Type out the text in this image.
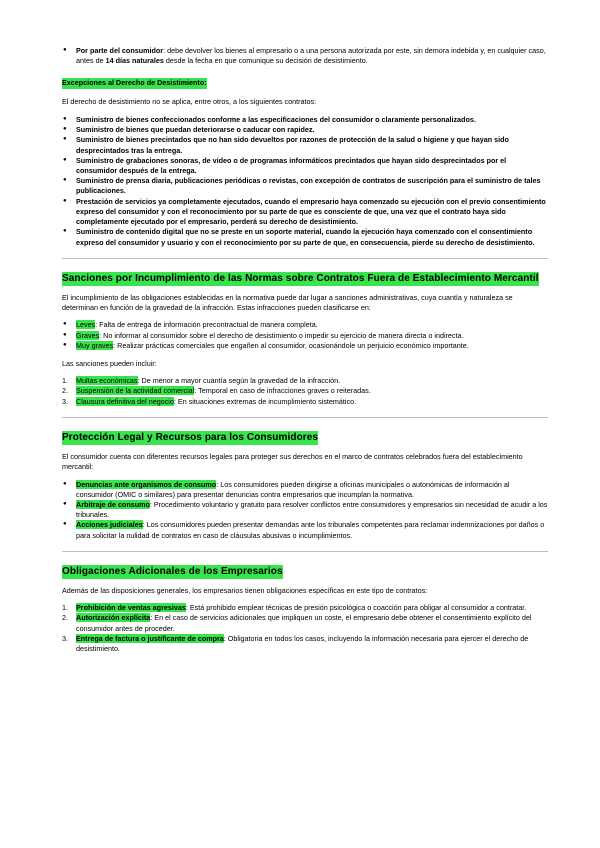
● Por parte del consumidor: debe devolver los bienes al empresario o a una persona autorizada por este, sin demora indebida y, en cualquier caso, antes de 14 días naturales desde la fecha en que comunique su decisión de desistimiento.
Excepciones al Derecho de Desistimiento:

El derecho de desistimiento no se aplica, entre otros, a los siguientes contratos:

● Suministro de bienes confeccionados conforme a las especificaciones del consumidor o claramente personalizados.
● Suministro de bienes que puedan deteriorarse o caducar con rapidez.
● Suministro de bienes precintados que no han sido devueltos por razones de protección de la salud o higiene y que hayan sido desprecintados tras la entrega.
● Suministro de grabaciones sonoras, de vídeo o de programas informáticos precintados que hayan sido desprecintados por el consumidor después de la entrega.
● Suministro de prensa diaria, publicaciones periódicas o revistas, con excepción de contratos de suscripción para el suministro de tales publicaciones.
● Prestación de servicios ya completamente ejecutados, cuando el empresario haya comenzado su ejecución con el previo consentimiento expreso del consumidor y con el reconocimiento por su parte de que es consciente de que, una vez que el contrato haya sido completamente ejecutado por el empresario, perderá su derecho de desistimiento.
● Suministro de contenido digital que no se preste en un soporte material, cuando la ejecución haya comenzado con el consentimiento expreso del consumidor y usuario y con el reconocimiento por su parte de que, en consecuencia, pierde su derecho de desistimiento.
Sanciones por Incumplimiento de las Normas sobre Contratos Fuera de Establecimiento Mercantil

El incumplimiento de las obligaciones establecidas en la normativa puede dar lugar a sanciones administrativas, cuya cuantía y naturaleza se determinan en función de la gravedad de la infracción. Estas infracciones pueden clasificarse en:

● Leves: Falta de entrega de información precontractual de manera completa.
● Graves: No informar al consumidor sobre el derecho de desistimiento o impedir su ejercicio de manera directa o indirecta.
● Muy graves: Realizar prácticas comerciales que engañen al consumidor, ocasionándole un perjuicio económico importante.

Las sanciones pueden incluir:

1. Multas económicas: De menor a mayor cuantía según la gravedad de la infracción.
2. Suspensión de la actividad comercial: Temporal en caso de infracciones graves o reiteradas.
3. Clausura definitiva del negocio: En situaciones extremas de incumplimiento sistemático.
Protección Legal y Recursos para los Consumidores

El consumidor cuenta con diferentes recursos legales para proteger sus derechos en el marco de contratos celebrados fuera del establecimiento mercantil:

● Denuncias ante organismos de consumo: Los consumidores pueden dirigirse a oficinas municipales o autonómicas de información al consumidor (OMIC o similares) para presentar denuncias contra empresarios que incumplan la normativa.
● Arbitraje de consumo: Procedimiento voluntario y gratuito para resolver conflictos entre consumidores y empresarios sin necesidad de acudir a los tribunales.
● Acciones judiciales: Los consumidores pueden presentar demandas ante los tribunales competentes para reclamar indemnizaciones por daños o para solicitar la nulidad de contratos en caso de cláusulas abusivas o incumplimientos.
Obligaciones Adicionales de los Empresarios

Además de las disposiciones generales, los empresarios tienen obligaciones específicas en este tipo de contratos:

1. Prohibición de ventas agresivas: Está prohibido emplear técnicas de presión psicológica o coacción para obligar al consumidor a contratar.
2. Autorización explícita: En el caso de servicios adicionales que impliquen un coste, el empresario debe obtener el consentimiento explícito del consumidor antes de proceder.
3. Entrega de factura o justificante de compra: Obligatoria en todos los casos, incluyendo la información necesaria para ejercer el derecho de desistimiento.
